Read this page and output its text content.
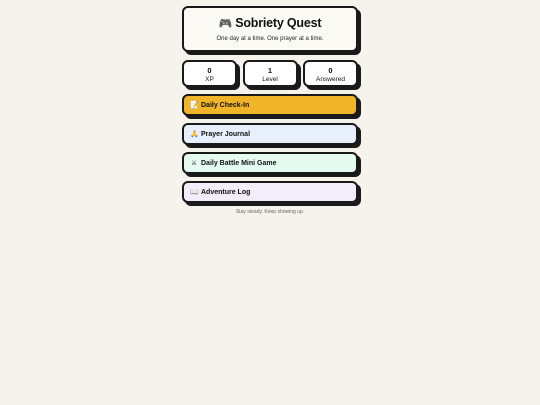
🎮 Sobriety Quest
One day at a time. One prayer at a time.
0
XP
1
Level
0
Answered
📝 Daily Check-In
🙏 Prayer Journal
⚔ Daily Battle Mini Game
📖 Adventure Log
Stay steady. Keep showing up.
